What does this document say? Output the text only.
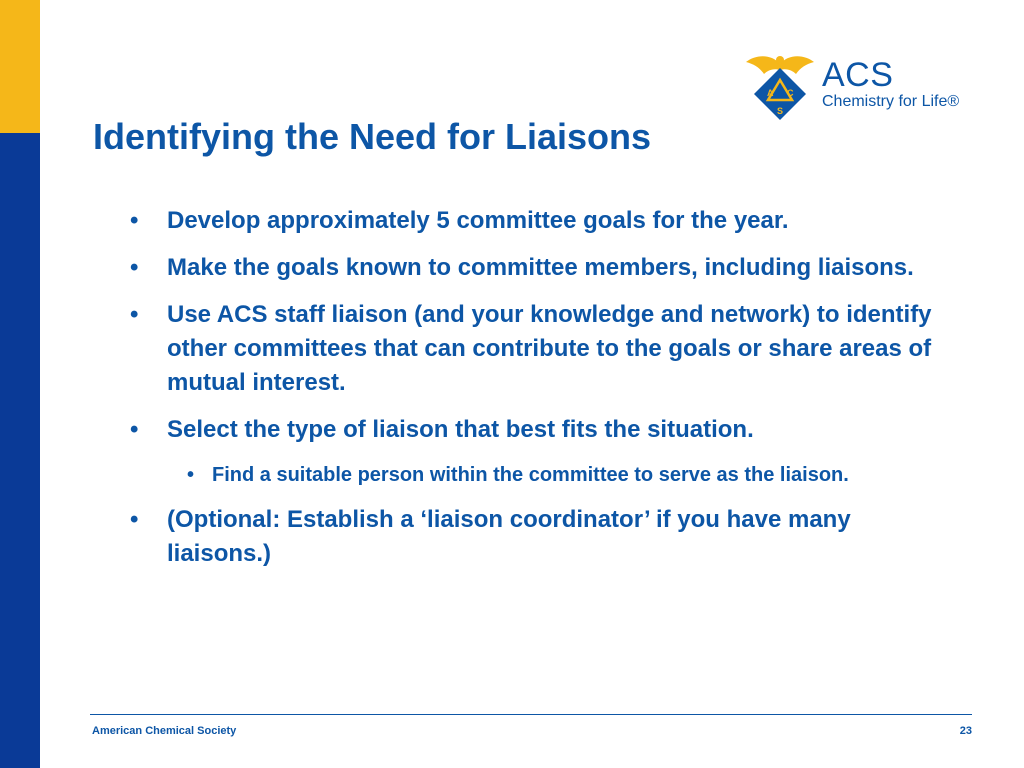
A C
S
ACS
Chemistry for Life®
Identifying the Need for Liaisons
• Develop approximately 5 committee goals for the year.
• Make the goals known to committee members, including liaisons.
• Use ACS staff liaison (and your knowledge and network) to identify other committees that can contribute to the goals or share areas of mutual interest.
• Select the type of liaison that best fits the situation.
• Find a suitable person within the committee to serve as the liaison.
• (Optional: Establish a ‘liaison coordinator’ if you have many liaisons.)
American Chemical Society	23
